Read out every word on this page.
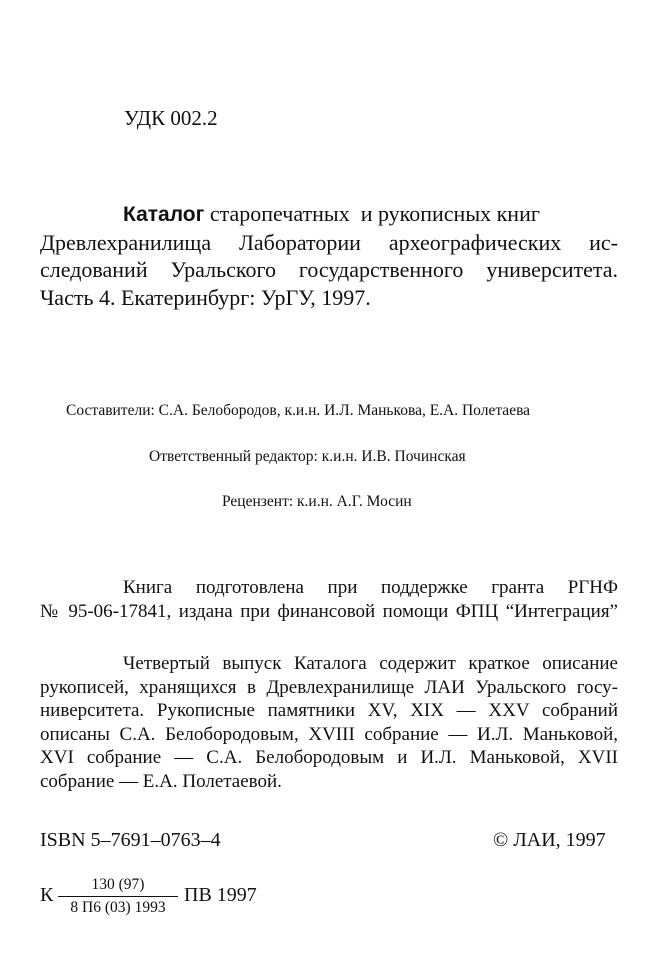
УДК 002.2
Каталог старопечатных  и рукописных книг
Древлехранилища Лаборатории археографических ис-
следований Уральского государственного университета.
Часть 4. Екатеринбург: УрГУ, 1997.
Составители: С.А. Белобородов, к.и.н. И.Л. Манькова, Е.А. Полетаева
Ответственный редактор: к.и.н. И.В. Починская
Рецензент: к.и.н. А.Г. Мосин
Книга подготовлена при поддержке гранта РГНФ
№ 95-06-17841, издана при финансовой помощи ФПЦ “Интеграция”
Четвертый выпуск Каталога содержит краткое описание
рукописей, хранящихся в Древлехранилище ЛАИ Уральского госу-
ниверситета. Рукописные памятники XV, XIX — XXV собраний
описаны С.А. Белобородовым, XVIII собрание — И.Л. Маньковой,
XVI собрание — С.А. Белобородовым и И.Л. Маньковой, XVII
собрание — Е.А. Полетаевой.
ISBN 5–7691–0763–4	© ЛАИ, 1997
К	130 (97)
8 П6 (03) 1993
ПВ 1997
